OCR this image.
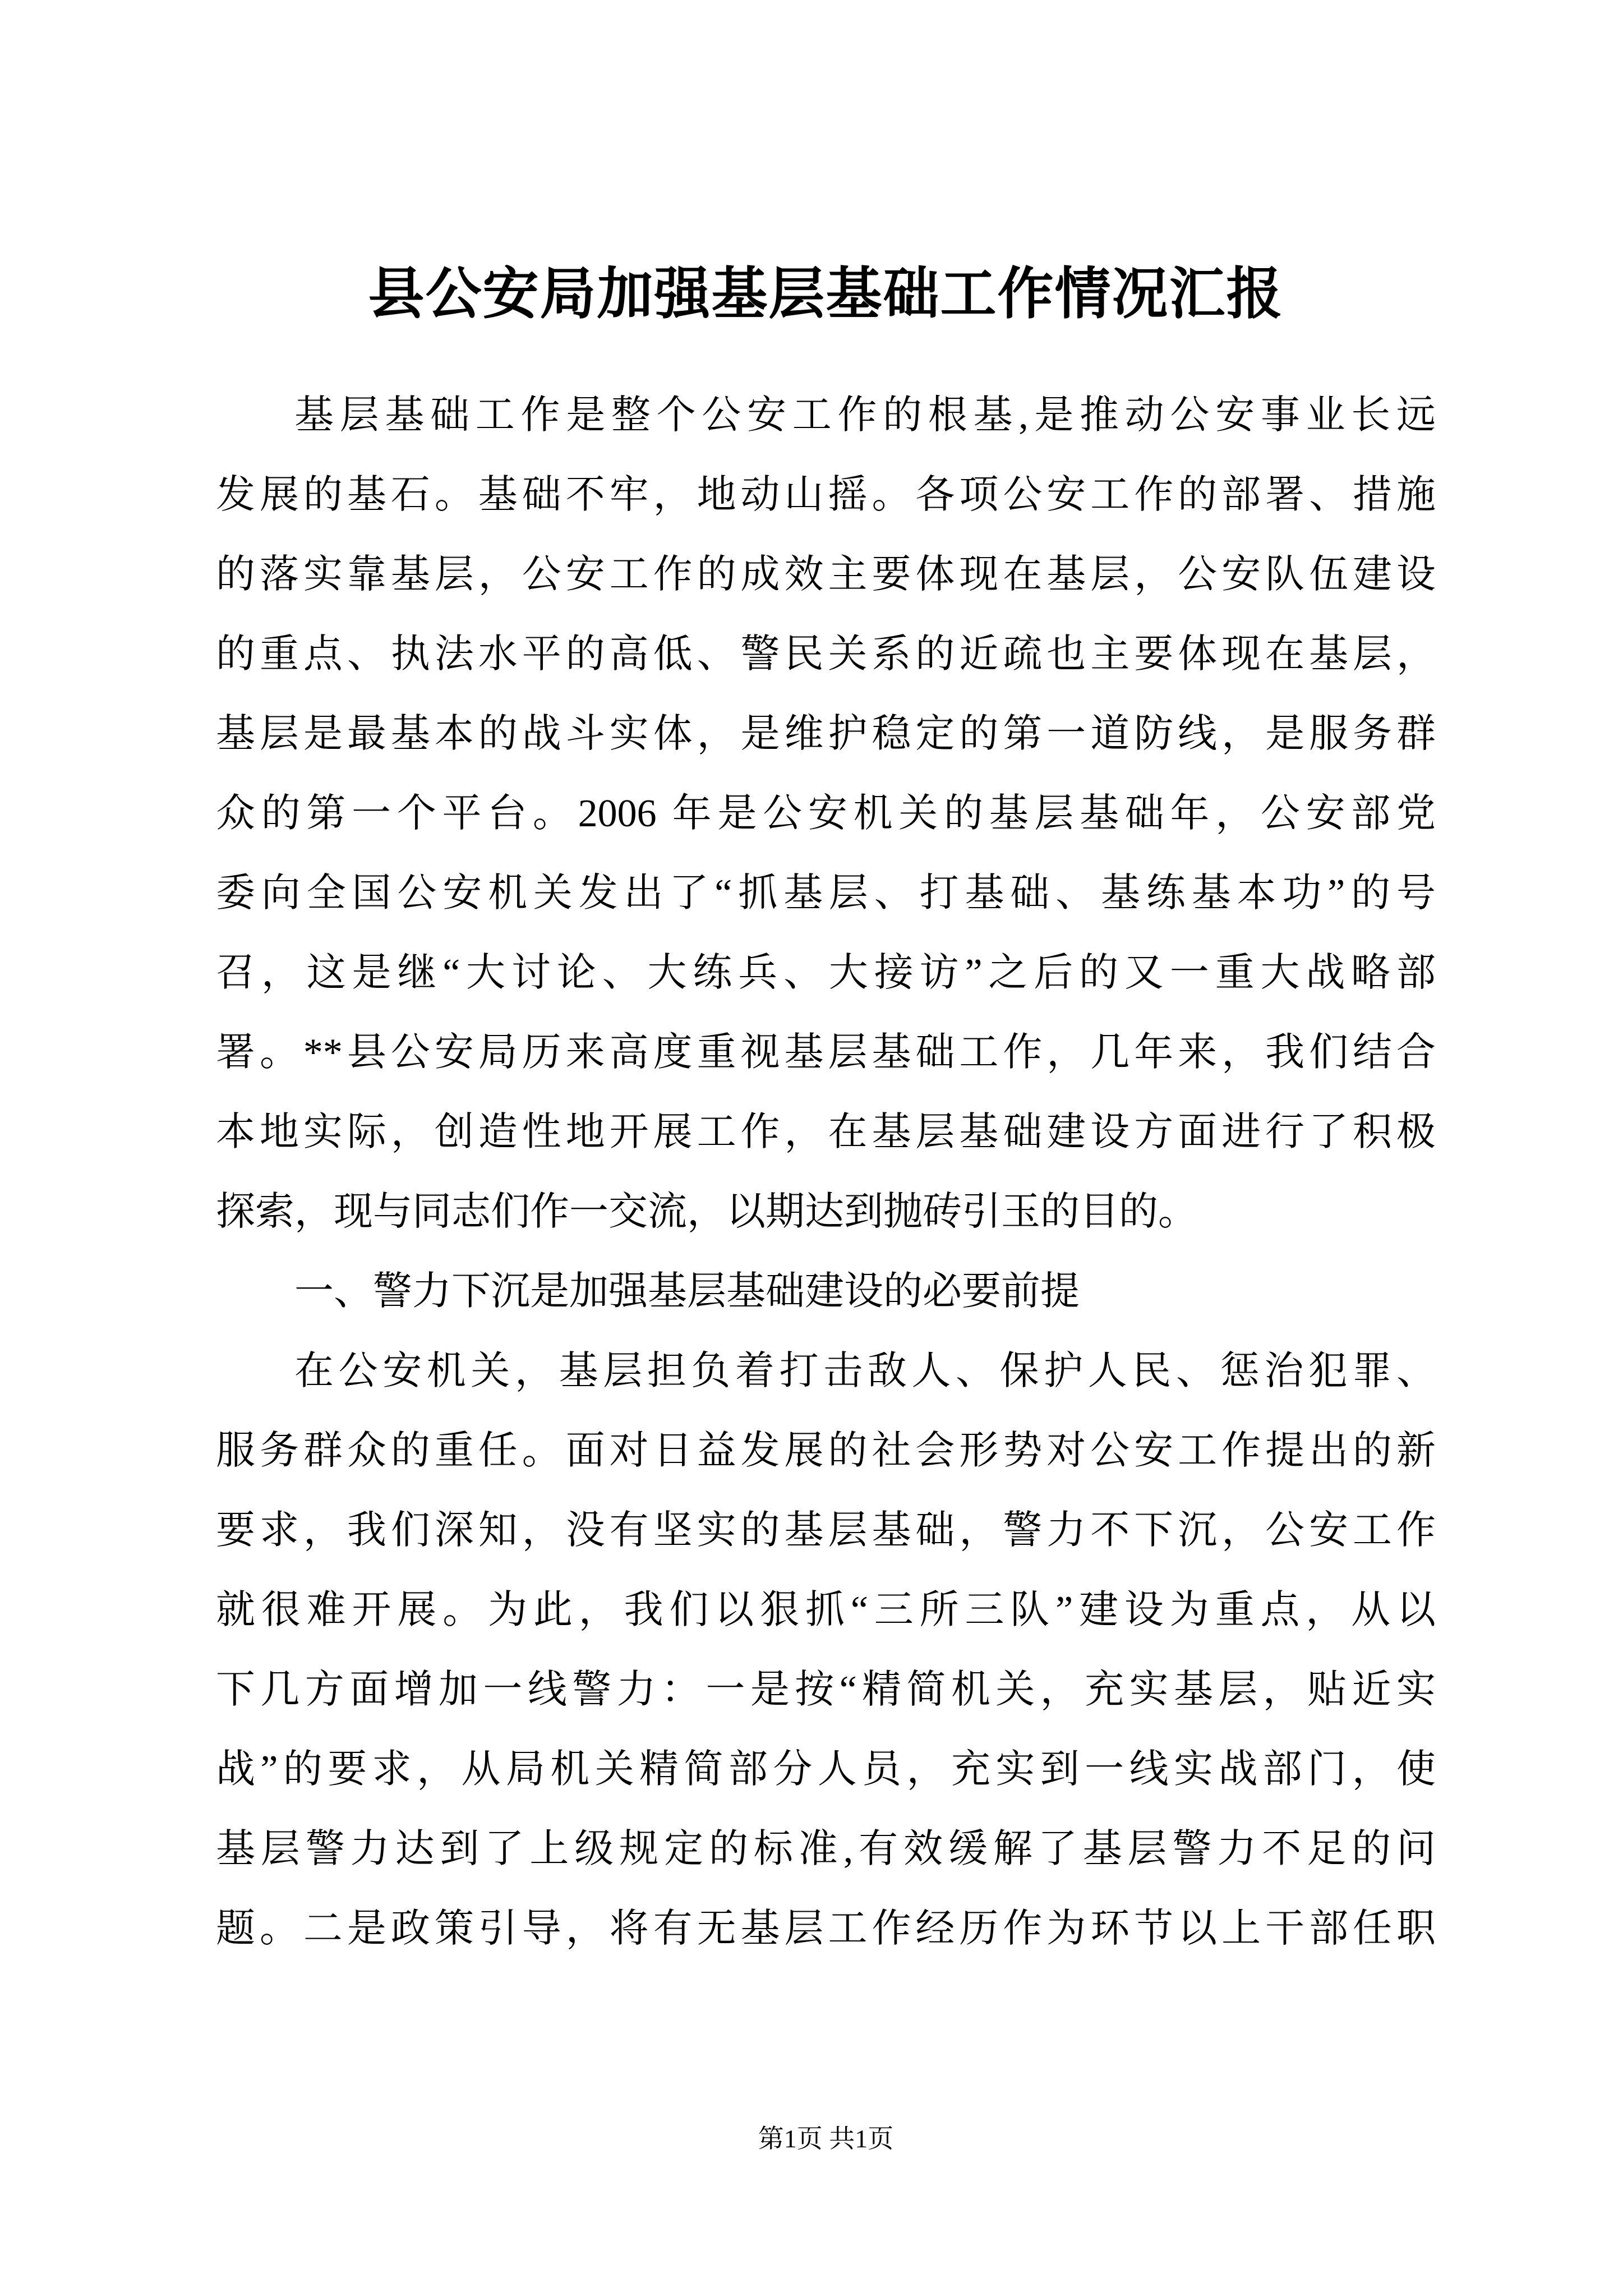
县公安局加强基层基础工作情况汇报
基层基础工作是整个公安工作的根基,是推动公安事业长远
发展的基石。基础不牢，地动山摇。各项公安工作的部署、措施
的落实靠基层，公安工作的成效主要体现在基层，公安队伍建设
的重点、执法水平的高低、警民关系的近疏也主要体现在基层，
基层是最基本的战斗实体，是维护稳定的第一道防线，是服务群
众的第一个平台。2006 年是公安机关的基层基础年，公安部党
委向全国公安机关发出了“抓基层、打基础、基练基本功”的号
召，这是继“大讨论、大练兵、大接访”之后的又一重大战略部
署。**县公安局历来高度重视基层基础工作，几年来，我们结合
本地实际，创造性地开展工作，在基层基础建设方面进行了积极
探索，现与同志们作一交流，以期达到抛砖引玉的目的。
一、警力下沉是加强基层基础建设的必要前提
在公安机关，基层担负着打击敌人、保护人民、惩治犯罪、
服务群众的重任。面对日益发展的社会形势对公安工作提出的新
要求，我们深知，没有坚实的基层基础，警力不下沉，公安工作
就很难开展。为此，我们以狠抓“三所三队”建设为重点，从以
下几方面增加一线警力：一是按“精简机关，充实基层，贴近实
战”的要求，从局机关精简部分人员，充实到一线实战部门，使
基层警力达到了上级规定的标准,有效缓解了基层警力不足的问
题。二是政策引导，将有无基层工作经历作为环节以上干部任职
第1页 共1页
